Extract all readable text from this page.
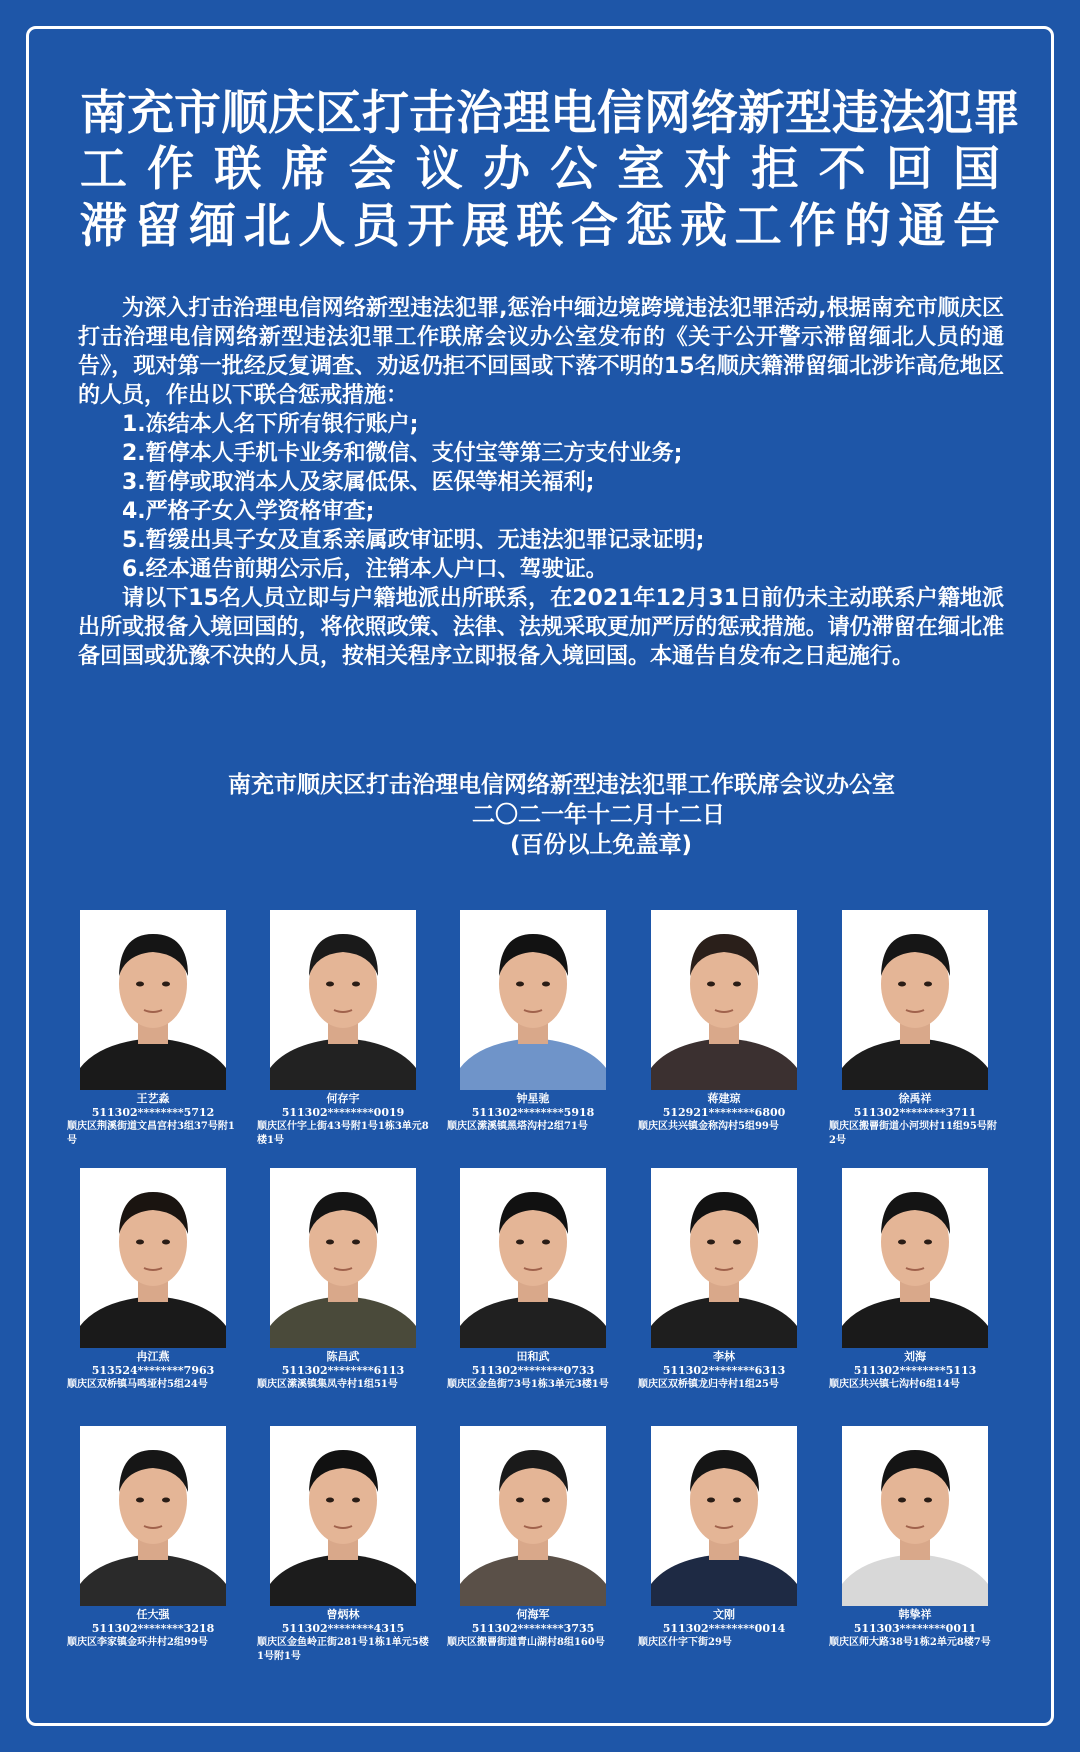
南充市顺庆区打击治理电信网络新型违法犯罪
工作联席会议办公室对拒不回国
滞留缅北人员开展联合惩戒工作的通告

为深入打击治理电信网络新型违法犯罪,惩治中缅边境跨境违法犯罪活动,根据南充市顺庆区打击治理电信网络新型违法犯罪工作联席会议办公室发布的《关于公开警示滞留缅北人员的通告》，现对第一批经反复调查、劝返仍拒不回国或下落不明的15名顺庆籍滞留缅北涉诈高危地区的人员，作出以下联合惩戒措施：

1.冻结本人名下所有银行账户;
2.暂停本人手机卡业务和微信、支付宝等第三方支付业务;
3.暂停或取消本人及家属低保、医保等相关福利;
4.严格子女入学资格审查;
5.暂缓出具子女及直系亲属政审证明、无违法犯罪记录证明;
6.经本通告前期公示后，注销本人户口、驾驶证。

请以下15名人员立即与户籍地派出所联系，在2021年12月31日前仍未主动联系户籍地派出所或报备入境回国的，将依照政策、法律、法规采取更加严厉的惩戒措施。请仍滞留在缅北准备回国或犹豫不决的人员，按相关程序立即报备入境回国。本通告自发布之日起施行。

南充市顺庆区打击治理电信网络新型违法犯罪工作联席会议办公室
二〇二一年十二月十二日
(百份以上免盖章)
王艺淼
511302********5712
顺庆区荆溪街道文昌宫村3组37号附1号
何存宇
511302********0019
顺庆区什字上街43号附1号1栋3单元8楼1号
钟星驰
511302********5918
顺庆区潆溪镇黑塔沟村2组71号
蒋建琼
512921********6800
顺庆区共兴镇金称沟村5组99号
徐禹祥
511302********3711
顺庆区搬罾街道小河坝村11组95号附2号
冉江燕
513524********7963
顺庆区双桥镇马鸣垭村5组24号
陈昌武
511302********6113
顺庆区潆溪镇集凤寺村1组51号
田和武
511302********0733
顺庆区金鱼街73号1栋3单元3楼1号
李林
511302********6313
顺庆区双桥镇龙归寺村1组25号
刘海
511302********5113
顺庆区共兴镇七沟村6组14号
任大强
511302********3218
顺庆区李家镇金环井村2组99号
曾炳林
511302********4315
顺庆区金鱼岭正街281号1栋1单元5楼1号附1号
何海军
511302********3735
顺庆区搬罾街道青山湖村8组160号
文刚
511302********0014
顺庆区什字下街29号
韩挚祥
511303********0011
顺庆区师大路38号1栋2单元8楼7号
